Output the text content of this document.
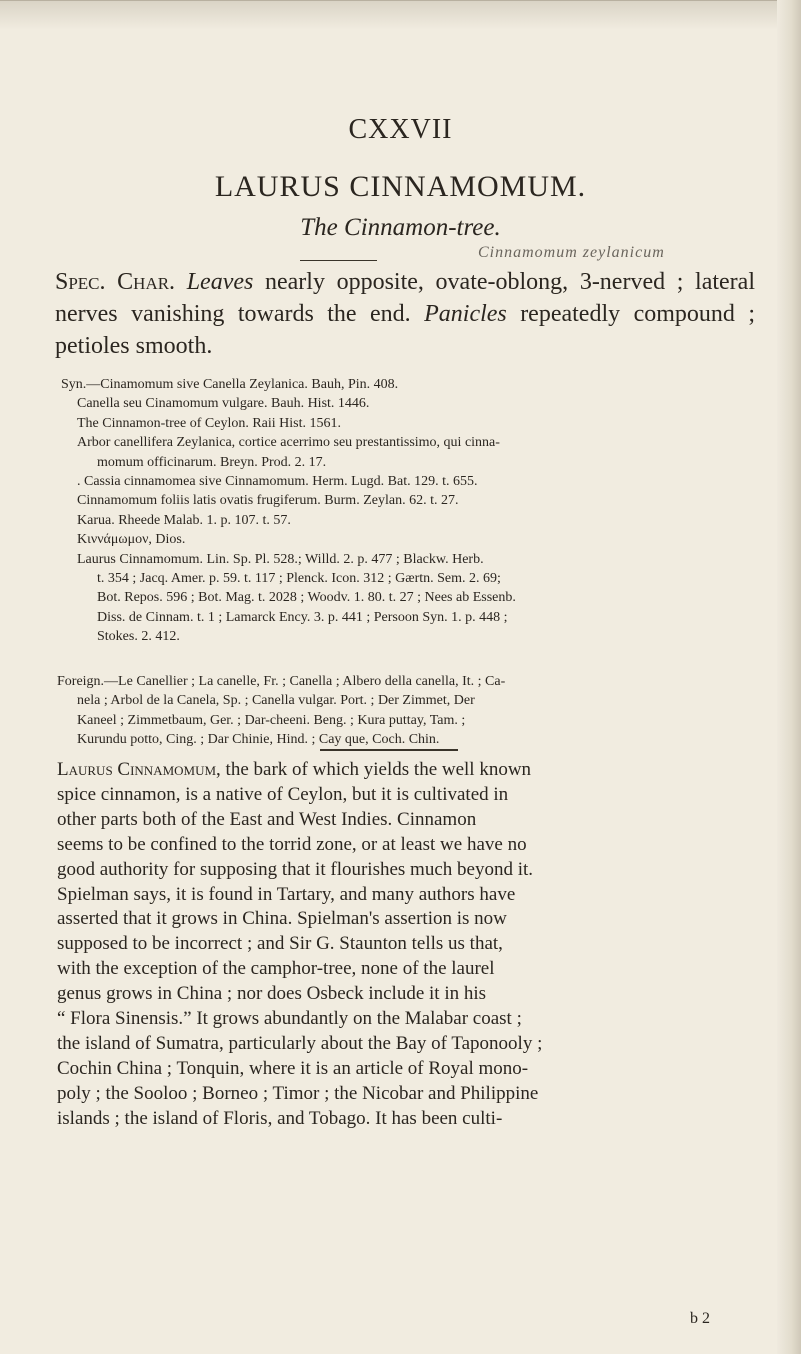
CXXVII
LAURUS CINNAMOMUM.
The Cinnamon-tree.
Cinnamomum zeylanicum
Spec. Char. Leaves nearly opposite, ovate-oblong, 3-nerved ; lateral nerves vanishing towards the end. Panicles repeatedly compound ; petioles smooth.

Syn.—Cinamomum sive Canella Zeylanica. Bauh, Pin. 408.

Canella seu Cinamomum vulgare. Bauh. Hist. 1446.

The Cinnamon-tree of Ceylon. Raii Hist. 1561.

Arbor canellifera Zeylanica, cortice acerrimo seu prestantissimo, qui cinna-

momum officinarum. Breyn. Prod. 2. 17.

. Cassia cinnamomea sive Cinnamomum. Herm. Lugd. Bat. 129. t. 655.

Cinnamomum foliis latis ovatis frugiferum. Burm. Zeylan. 62. t. 27.

Karua. Rheede Malab. 1. p. 107. t. 57.

Κιννάμωμον, Dios.

Laurus Cinnamomum. Lin. Sp. Pl. 528.; Willd. 2. p. 477 ; Blackw. Herb.

t. 354 ; Jacq. Amer. p. 59. t. 117 ; Plenck. Icon. 312 ; Gærtn. Sem. 2. 69;

Bot. Repos. 596 ; Bot. Mag. t. 2028 ; Woodv. 1. 80. t. 27 ; Nees ab Essenb.

Diss. de Cinnam. t. 1 ; Lamarck Ency. 3. p. 441 ; Persoon Syn. 1. p. 448 ;

Stokes. 2. 412.

Foreign.—Le Canellier ; La canelle, Fr. ; Canella ; Albero della canella, It. ; Ca-

nela ; Arbol de la Canela, Sp. ; Canella vulgar. Port. ; Der Zimmet, Der

Kaneel ; Zimmetbaum, Ger. ; Dar-cheeni. Beng. ; Kura puttay, Tam. ;

Kurundu potto, Cing. ; Dar Chinie, Hind. ; Cay que, Coch. Chin.

Laurus Cinnamomum, the bark of which yields the well known

spice cinnamon, is a native of Ceylon, but it is cultivated in

other parts both of the East and West Indies. Cinnamon

seems to be confined to the torrid zone, or at least we have no

good authority for supposing that it flourishes much beyond it.

Spielman says, it is found in Tartary, and many authors have

asserted that it grows in China. Spielman's assertion is now

supposed to be incorrect ; and Sir G. Staunton tells us that,

with the exception of the camphor-tree, none of the laurel

genus grows in China ; nor does Osbeck include it in his

“ Flora Sinensis.” It grows abundantly on the Malabar coast ;

the island of Sumatra, particularly about the Bay of Taponooly ;

Cochin China ; Tonquin, where it is an article of Royal mono-

poly ; the Sooloo ; Borneo ; Timor ; the Nicobar and Philippine

islands ; the island of Floris, and Tobago. It has been culti-

b 2
